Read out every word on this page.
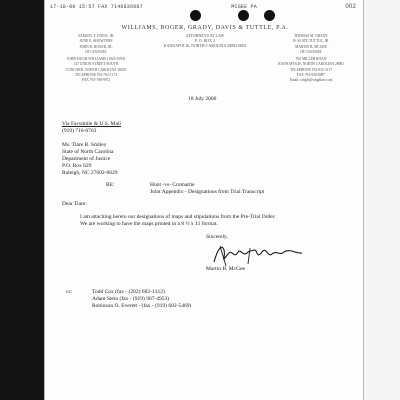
17-18-00 15:57 FAX 7146836087	MCGEE PA	002
WILLIAMS, BOGER, GRADY, DAVIS & TUTTLE, P.A.
ATTORNEYS AT LAW
P. O. BOX 2
KANNAPOLIS, NORTH CAROLINA 28082-0002
SAMUEL F. DAVIS, JR.
JUNE E. SHOWTERS
JOHN R. BOGER, JR.
OF COUNSEL
JOHN HUGH WILLIAMS (1923-1993)
147 UNION STREET SOUTH
CONCORD, NORTH CAROLINA 28025
TELEPHONE 704-782-1173
FAX 704-788-9872
THOMAS M. GRADY
H. SLATE TUTTLE, JR.
MARTIN B. MCGEE
OF COUNSEL
700 MILLER ROAD
KANNAPOLIS, NORTH CAROLINA 28081
TELEPHONE 704-933-3117
FAX 704-938-8087
Email: wbgdt@wbgdlaw.com
18 July 2000
Via Facsimile & U.S. Mail
(919) 716-6763
Ms. Tiare B. Smiley
State of North Carolina
Department of Justice
P.O. Box 629
Raleigh, NC 27602-0629
RE:	Hunt -vs- Cromartie
Joint Appendix - Designations from Trial Transcript
Dear Tiare:
I am attaching hereto our designations of maps and stipulations from the Pre-Trial Order.
We are working to have the maps printed in a 8 ½ x 11 format.
Sincerely,
Martin B. McGee
cc:	Todd Cox (fax - (202) 682-1312)
Adam Stein (fax - (919) 967-4953)
Robinson O. Everett - (fax - (919) 682-5469)
